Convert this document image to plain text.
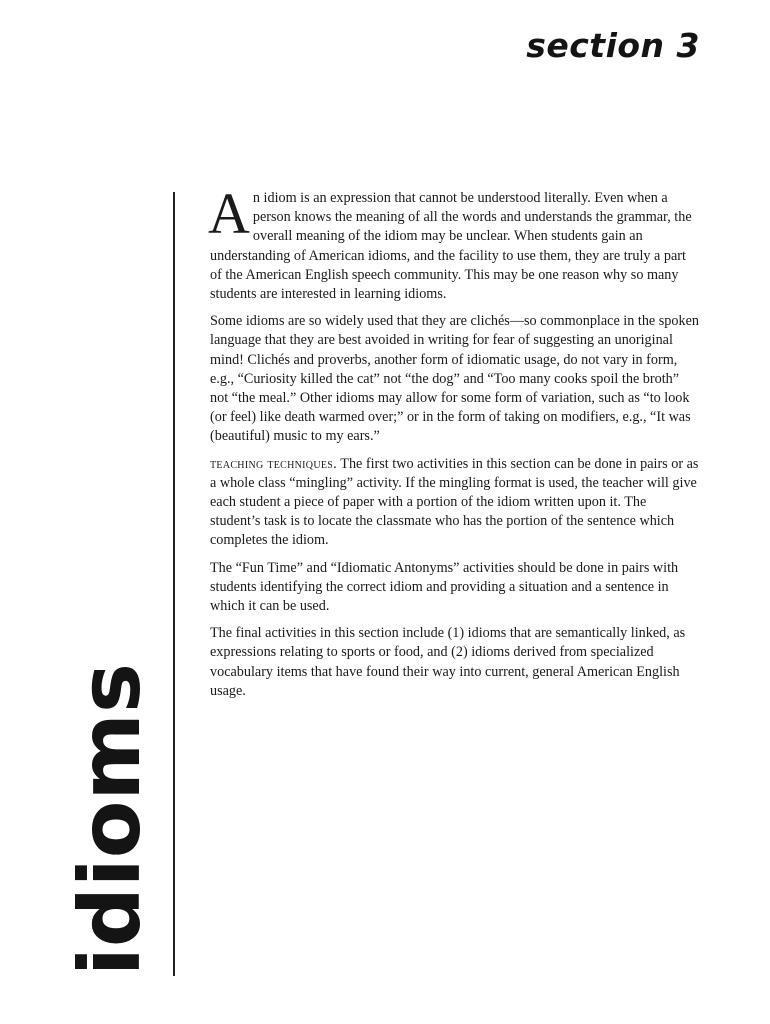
section 3
idioms

An idiom is an expression that cannot be understood literally. Even when a person knows the meaning of all the words and understands the grammar, the overall meaning of the idiom may be unclear. When students gain an understanding of American idioms, and the facility to use them, they are truly a part of the American English speech community. This may be one reason why so many students are interested in learning idioms.

Some idioms are so widely used that they are clichés—so commonplace in the spoken language that they are best avoided in writing for fear of suggesting an unoriginal mind! Clichés and proverbs, another form of idiomatic usage, do not vary in form, e.g., “Curiosity killed the cat” not “the dog” and “Too many cooks spoil the broth” not “the meal.” Other idioms may allow for some form of variation, such as “to look (or feel) like death warmed over;” or in the form of taking on modifiers, e.g., “It was (beautiful) music to my ears.”

teaching techniques. The first two activities in this section can be done in pairs or as a whole class “mingling” activity. If the mingling format is used, the teacher will give each student a piece of paper with a portion of the idiom written upon it. The student’s task is to locate the classmate who has the portion of the sentence which completes the idiom.

The “Fun Time” and “Idiomatic Antonyms” activities should be done in pairs with students identifying the correct idiom and providing a situation and a sentence in which it can be used.

The final activities in this section include (1) idioms that are semantically linked, as expressions relating to sports or food, and (2) idioms derived from specialized vocabulary items that have found their way into current, general American English usage.
